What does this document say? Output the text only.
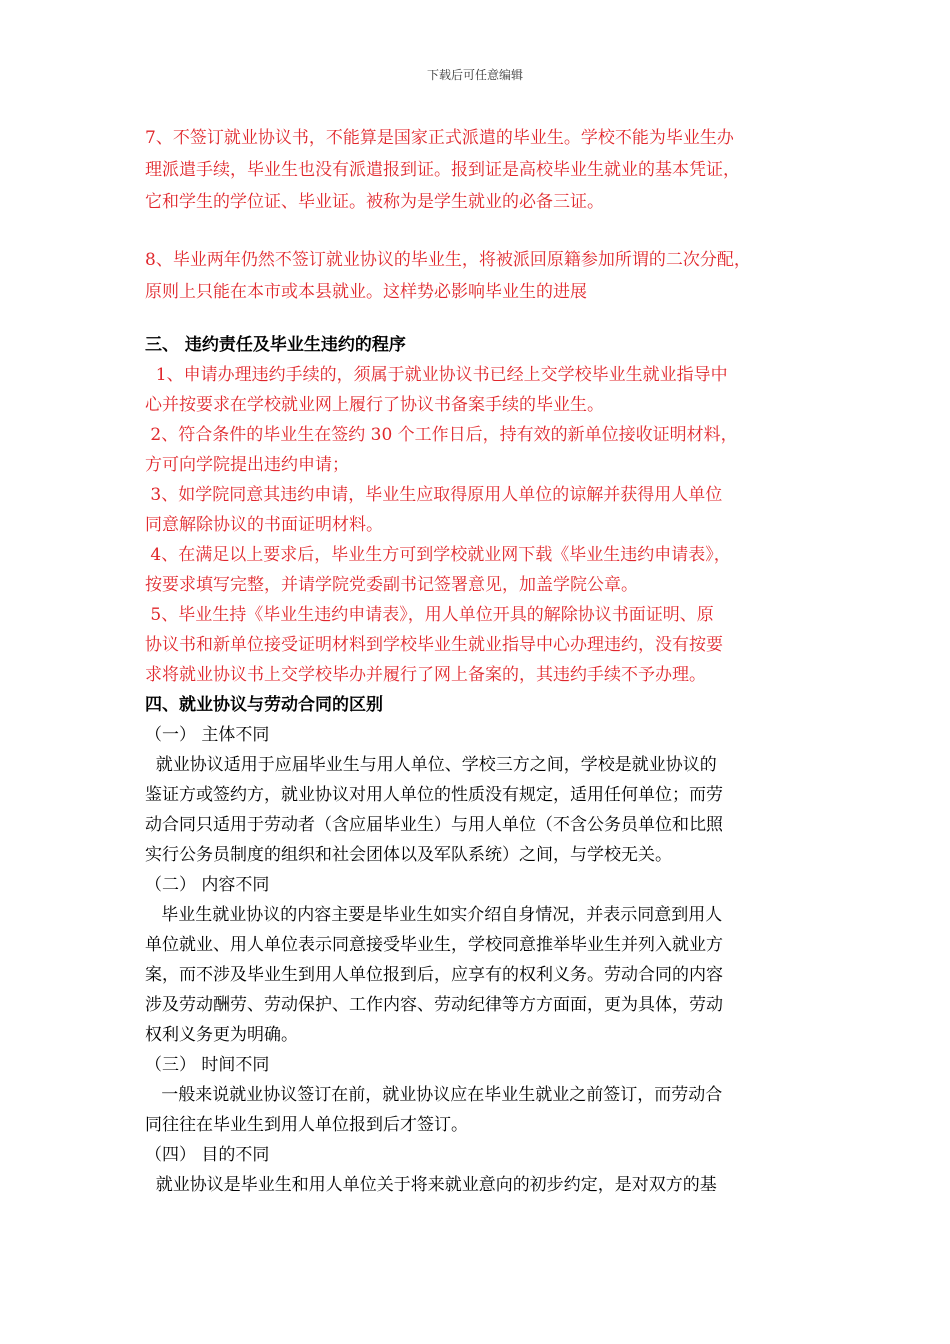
下载后可任意编辑

7、不签订就业协议书，不能算是国家正式派遣的毕业生。学校不能为毕业生办

理派遣手续，毕业生也没有派遣报到证。报到证是高校毕业生就业的基本凭证，

它和学生的学位证、毕业证。被称为是学生就业的必备三证。

8、毕业两年仍然不签订就业协议的毕业生，将被派回原籍参加所谓的二次分配，

原则上只能在本市或本县就业。这样势必影响毕业生的进展

三、 违约责任及毕业生违约的程序

1、申请办理违约手续的，须属于就业协议书已经上交学校毕业生就业指导中

心并按要求在学校就业网上履行了协议书备案手续的毕业生。

2、符合条件的毕业生在签约 30 个工作日后，持有效的新单位接收证明材料，

方可向学院提出违约申请；

3、如学院同意其违约申请，毕业生应取得原用人单位的谅解并获得用人单位

同意解除协议的书面证明材料。

4、在满足以上要求后，毕业生方可到学校就业网下载《毕业生违约申请表》，

按要求填写完整，并请学院党委副书记签署意见，加盖学院公章。

5、毕业生持《毕业生违约申请表》，用人单位开具的解除协议书面证明、原

协议书和新单位接受证明材料到学校毕业生就业指导中心办理违约，没有按要

求将就业协议书上交学校毕办并履行了网上备案的，其违约手续不予办理。

四、就业协议与劳动合同的区别

（一） 主体不同

就业协议适用于应届毕业生与用人单位、学校三方之间，学校是就业协议的

鉴证方或签约方，就业协议对用人单位的性质没有规定，适用任何单位；而劳

动合同只适用于劳动者（含应届毕业生）与用人单位（不含公务员单位和比照

实行公务员制度的组织和社会团体以及军队系统）之间，与学校无关。

（二） 内容不同

毕业生就业协议的内容主要是毕业生如实介绍自身情况，并表示同意到用人

单位就业、用人单位表示同意接受毕业生，学校同意推举毕业生并列入就业方

案，而不涉及毕业生到用人单位报到后，应享有的权利义务。劳动合同的内容

涉及劳动酬劳、劳动保护、工作内容、劳动纪律等方方面面，更为具体，劳动

权利义务更为明确。

（三） 时间不同

一般来说就业协议签订在前，就业协议应在毕业生就业之前签订，而劳动合

同往往在毕业生到用人单位报到后才签订。

（四） 目的不同

就业协议是毕业生和用人单位关于将来就业意向的初步约定，是对双方的基
